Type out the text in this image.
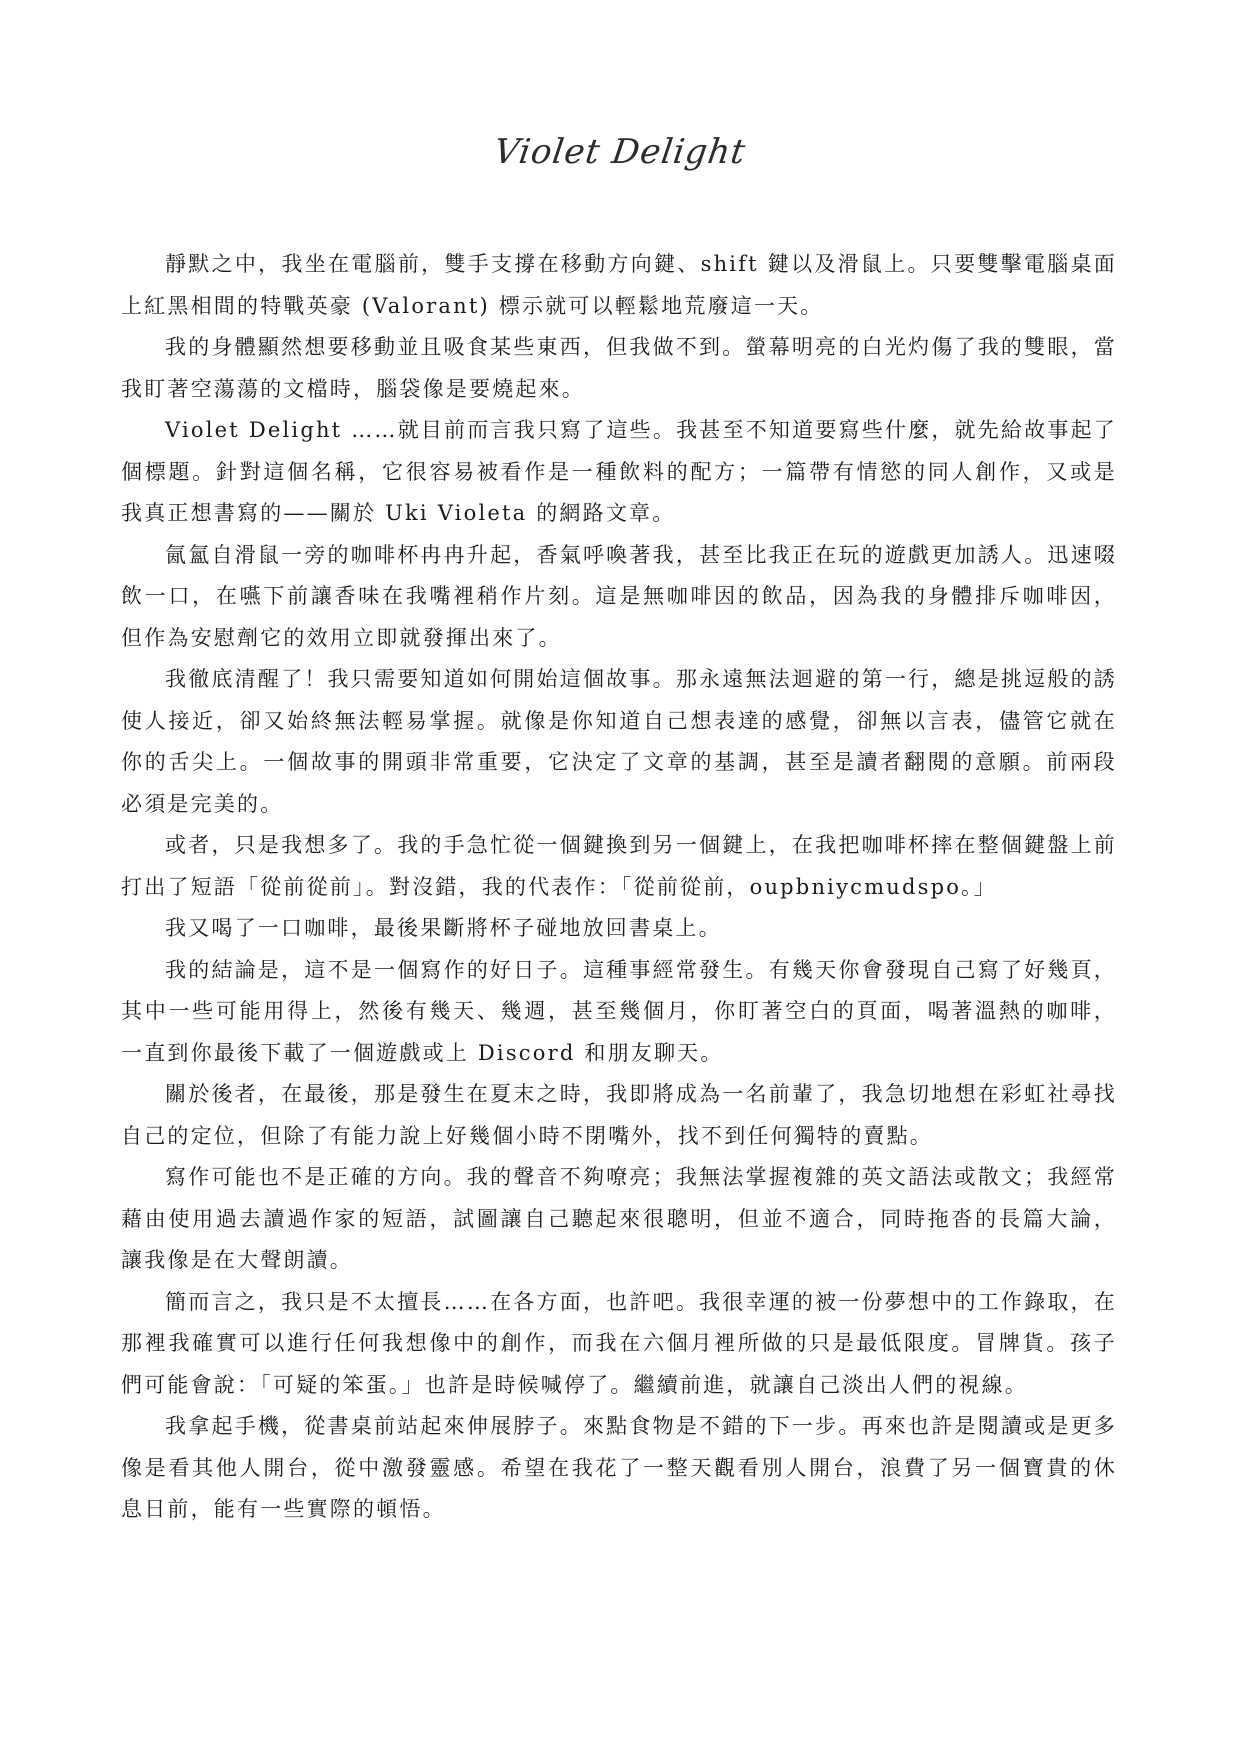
Violet Delight

靜默之中，我坐在電腦前，雙手支撐在移動方向鍵、shift 鍵以及滑鼠上。只要雙擊電腦桌面上紅黑相間的特戰英豪 (Valorant) 標示就可以輕鬆地荒廢這一天。

我的身體顯然想要移動並且吸食某些東西，但我做不到。螢幕明亮的白光灼傷了我的雙眼，當我盯著空蕩蕩的文檔時，腦袋像是要燒起來。

Violet Delight ……就目前而言我只寫了這些。我甚至不知道要寫些什麼，就先給故事起了個標題。針對這個名稱，它很容易被看作是一種飲料的配方；一篇帶有情慾的同人創作，又或是我真正想書寫的——關於 Uki Violeta 的網路文章。

氤氳自滑鼠一旁的咖啡杯冉冉升起，香氣呼喚著我，甚至比我正在玩的遊戲更加誘人。迅速啜飲一口，在嚥下前讓香味在我嘴裡稍作片刻。這是無咖啡因的飲品，因為我的身體排斥咖啡因，但作為安慰劑它的效用立即就發揮出來了。

我徹底清醒了！我只需要知道如何開始這個故事。那永遠無法迴避的第一行，總是挑逗般的誘使人接近，卻又始終無法輕易掌握。就像是你知道自己想表達的感覺，卻無以言表，儘管它就在你的舌尖上。一個故事的開頭非常重要，它決定了文章的基調，甚至是讀者翻閱的意願。前兩段必須是完美的。

或者，只是我想多了。我的手急忙從一個鍵換到另一個鍵上，在我把咖啡杯摔在整個鍵盤上前打出了短語「從前從前」。對沒錯，我的代表作：「從前從前，oupbniycmudspo。」

我又喝了一口咖啡，最後果斷將杯子碰地放回書桌上。

我的結論是，這不是一個寫作的好日子。這種事經常發生。有幾天你會發現自己寫了好幾頁，其中一些可能用得上，然後有幾天、幾週，甚至幾個月，你盯著空白的頁面，喝著溫熱的咖啡，一直到你最後下載了一個遊戲或上 Discord 和朋友聊天。

關於後者，在最後，那是發生在夏末之時，我即將成為一名前輩了，我急切地想在彩虹社尋找自己的定位，但除了有能力說上好幾個小時不閉嘴外，找不到任何獨特的賣點。

寫作可能也不是正確的方向。我的聲音不夠嘹亮；我無法掌握複雜的英文語法或散文；我經常藉由使用過去讀過作家的短語，試圖讓自己聽起來很聰明，但並不適合，同時拖沓的長篇大論，讓我像是在大聲朗讀。

簡而言之，我只是不太擅長……在各方面，也許吧。我很幸運的被一份夢想中的工作錄取，在那裡我確實可以進行任何我想像中的創作，而我在六個月裡所做的只是最低限度。冒牌貨。孩子們可能會說：「可疑的笨蛋。」也許是時候喊停了。繼續前進，就讓自己淡出人們的視線。

我拿起手機，從書桌前站起來伸展脖子。來點食物是不錯的下一步。再來也許是閱讀或是更多像是看其他人開台，從中激發靈感。希望在我花了一整天觀看別人開台，浪費了另一個寶貴的休息日前，能有一些實際的頓悟。
